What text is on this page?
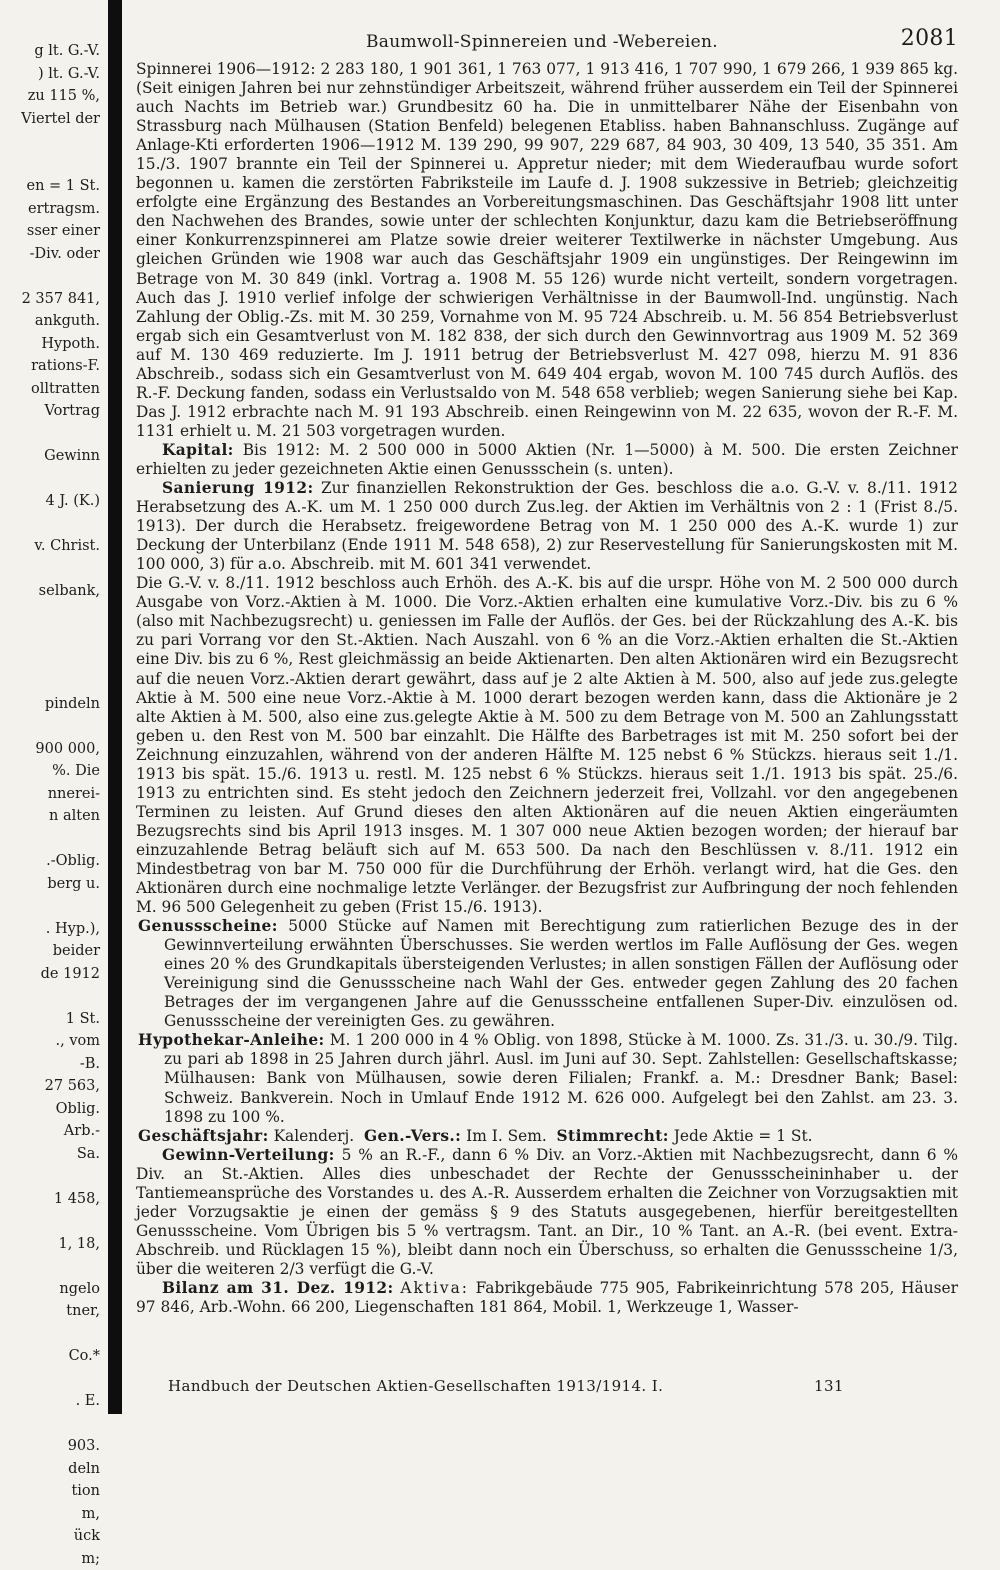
g lt. G.-V.
) lt. G.-V.
zu 115 %,
Viertel der
en = 1 St.
ertragsm.
sser einer
-Div. oder
2 357 841,
ankguth.
Hypoth.
rations-F.
olltratten
Vortrag
Gewinn
4 J. (K.)
v. Christ.
selbank,
pindeln
900 000,
%. Die
nnerei-
n alten
.-Oblig.
berg u.
. Hyp.),
beider
de 1912
1 St.
., vom
-B.
27 563,
Oblig.
Arb.-
Sa.
1 458,
1, 18,
ngelo
tner,
Co.*
. E.
903.
deln
tion
m,
ück
m;
Baumwoll-Spinnereien und -Webereien.	2081

Spinnerei 1906—1912: 2 283 180, 1 901 361, 1 763 077, 1 913 416, 1 707 990, 1 679 266, 1 939 865 kg. (Seit einigen Jahren bei nur zehnstündiger Arbeitszeit, während früher ausserdem ein Teil der Spinnerei auch Nachts im Betrieb war.) Grundbesitz 60 ha. Die in unmittelbarer Nähe der Eisenbahn von Strassburg nach Mülhausen (Station Benfeld) belegenen Etabliss. haben Bahnanschluss. Zugänge auf Anlage-Kti erforderten 1906—1912 M. 139 290, 99 907, 229 687, 84 903, 30 409, 13 540, 35 351. Am 15./3. 1907 brannte ein Teil der Spinnerei u. Appretur nieder; mit dem Wiederaufbau wurde sofort begonnen u. kamen die zerstörten Fabriksteile im Laufe d. J. 1908 sukzessive in Betrieb; gleichzeitig erfolgte eine Ergänzung des Bestandes an Vorbereitungsmaschinen. Das Geschäftsjahr 1908 litt unter den Nachwehen des Brandes, sowie unter der schlechten Konjunktur, dazu kam die Betriebseröffnung einer Konkurrenzspinnerei am Platze sowie dreier weiterer Textilwerke in nächster Umgebung. Aus gleichen Gründen wie 1908 war auch das Geschäftsjahr 1909 ein ungünstiges. Der Reingewinn im Betrage von M. 30 849 (inkl. Vortrag a. 1908 M. 55 126) wurde nicht verteilt, sondern vorgetragen. Auch das J. 1910 verlief infolge der schwierigen Verhältnisse in der Baumwoll-Ind. ungünstig. Nach Zahlung der Oblig.-Zs. mit M. 30 259, Vornahme von M. 95 724 Abschreib. u. M. 56 854 Betriebsverlust ergab sich ein Gesamtverlust von M. 182 838, der sich durch den Gewinnvortrag aus 1909 M. 52 369 auf M. 130 469 reduzierte. Im J. 1911 betrug der Betriebsverlust M. 427 098, hierzu M. 91 836 Abschreib., sodass sich ein Gesamtverlust von M. 649 404 ergab, wovon M. 100 745 durch Auflös. des R.-F. Deckung fanden, sodass ein Verlustsaldo von M. 548 658 verblieb; wegen Sanierung siehe bei Kap. Das J. 1912 erbrachte nach M. 91 193 Abschreib. einen Reingewinn von M. 22 635, wovon der R.-F. M. 1131 erhielt u. M. 21 503 vorgetragen wurden.

Kapital: Bis 1912: M. 2 500 000 in 5000 Aktien (Nr. 1—5000) à M. 500. Die ersten Zeichner erhielten zu jeder gezeichneten Aktie einen Genussschein (s. unten).

Sanierung 1912: Zur finanziellen Rekonstruktion der Ges. beschloss die a.o. G.-V. v. 8./11. 1912 Herabsetzung des A.-K. um M. 1 250 000 durch Zus.leg. der Aktien im Verhältnis von 2 : 1 (Frist 8./5. 1913). Der durch die Herabsetz. freigewordene Betrag von M. 1 250 000 des A.-K. wurde 1) zur Deckung der Unterbilanz (Ende 1911 M. 548 658), 2) zur Reservestellung für Sanierungskosten mit M. 100 000, 3) für a.o. Abschreib. mit M. 601 341 verwendet.

Die G.-V. v. 8./11. 1912 beschloss auch Erhöh. des A.-K. bis auf die urspr. Höhe von M. 2 500 000 durch Ausgabe von Vorz.-Aktien à M. 1000. Die Vorz.-Aktien erhalten eine kumulative Vorz.-Div. bis zu 6 % (also mit Nachbezugsrecht) u. geniessen im Falle der Auflös. der Ges. bei der Rückzahlung des A.-K. bis zu pari Vorrang vor den St.-Aktien. Nach Auszahl. von 6 % an die Vorz.-Aktien erhalten die St.-Aktien eine Div. bis zu 6 %, Rest gleichmässig an beide Aktienarten. Den alten Aktionären wird ein Bezugsrecht auf die neuen Vorz.-Aktien derart gewährt, dass auf je 2 alte Aktien à M. 500, also auf jede zus.gelegte Aktie à M. 500 eine neue Vorz.-Aktie à M. 1000 derart bezogen werden kann, dass die Aktionäre je 2 alte Aktien à M. 500, also eine zus.gelegte Aktie à M. 500 zu dem Betrage von M. 500 an Zahlungsstatt geben u. den Rest von M. 500 bar einzahlt. Die Hälfte des Barbetrages ist mit M. 250 sofort bei der Zeichnung einzuzahlen, während von der anderen Hälfte M. 125 nebst 6 % Stückzs. hieraus seit 1./1. 1913 bis spät. 15./6. 1913 u. restl. M. 125 nebst 6 % Stückzs. hieraus seit 1./1. 1913 bis spät. 25./6. 1913 zu entrichten sind. Es steht jedoch den Zeichnern jederzeit frei, Vollzahl. vor den angegebenen Terminen zu leisten. Auf Grund dieses den alten Aktionären auf die neuen Aktien eingeräumten Bezugsrechts sind bis April 1913 insges. M. 1 307 000 neue Aktien bezogen worden; der hierauf bar einzuzahlende Betrag beläuft sich auf M. 653 500. Da nach den Beschlüssen v. 8./11. 1912 ein Mindestbetrag von bar M. 750 000 für die Durchführung der Erhöh. verlangt wird, hat die Ges. den Aktionären durch eine nochmalige letzte Verlänger. der Bezugsfrist zur Aufbringung der noch fehlenden M. 96 500 Gelegenheit zu geben (Frist 15./6. 1913).

Genussscheine: 5000 Stücke auf Namen mit Berechtigung zum ratierlichen Bezuge des in der Gewinnverteilung erwähnten Überschusses. Sie werden wertlos im Falle Auflösung der Ges. wegen eines 20 % des Grundkapitals übersteigenden Verlustes; in allen sonstigen Fällen der Auflösung oder Vereinigung sind die Genussscheine nach Wahl der Ges. entweder gegen Zahlung des 20 fachen Betrages der im vergangenen Jahre auf die Genussscheine entfallenen Super-Div. einzulösen od. Genussscheine der vereinigten Ges. zu gewähren.

Hypothekar-Anleihe: M. 1 200 000 in 4 % Oblig. von 1898, Stücke à M. 1000. Zs. 31./3. u. 30./9. Tilg. zu pari ab 1898 in 25 Jahren durch jährl. Ausl. im Juni auf 30. Sept. Zahlstellen: Gesellschaftskasse; Mülhausen: Bank von Mülhausen, sowie deren Filialen; Frankf. a. M.: Dresdner Bank; Basel: Schweiz. Bankverein. Noch in Umlauf Ende 1912 M. 626 000. Aufgelegt bei den Zahlst. am 23. 3. 1898 zu 100 %.

Geschäftsjahr: Kalenderj. Gen.-Vers.: Im I. Sem. Stimmrecht: Jede Aktie = 1 St.

Gewinn-Verteilung: 5 % an R.-F., dann 6 % Div. an Vorz.-Aktien mit Nachbezugsrecht, dann 6 % Div. an St.-Aktien. Alles dies unbeschadet der Rechte der Genussscheininhaber u. der Tantiemeansprüche des Vorstandes u. des A.-R. Ausserdem erhalten die Zeichner von Vorzugsaktien mit jeder Vorzugsaktie je einen der gemäss § 9 des Statuts ausgegebenen, hierfür bereitgestellten Genussscheine. Vom Übrigen bis 5 % vertragsm. Tant. an Dir., 10 % Tant. an A.-R. (bei event. Extra-Abschreib. und Rücklagen 15 %), bleibt dann noch ein Überschuss, so erhalten die Genussscheine 1/3, über die weiteren 2/3 verfügt die G.-V.

Bilanz am 31. Dez. 1912: Aktiva: Fabrikgebäude 775 905, Fabrikeinrichtung 578 205, Häuser 97 846, Arb.-Wohn. 66 200, Liegenschaften 181 864, Mobil. 1, Werkzeuge 1, Wasser-

Handbuch der Deutschen Aktien-Gesellschaften 1913/1914. I.	131
